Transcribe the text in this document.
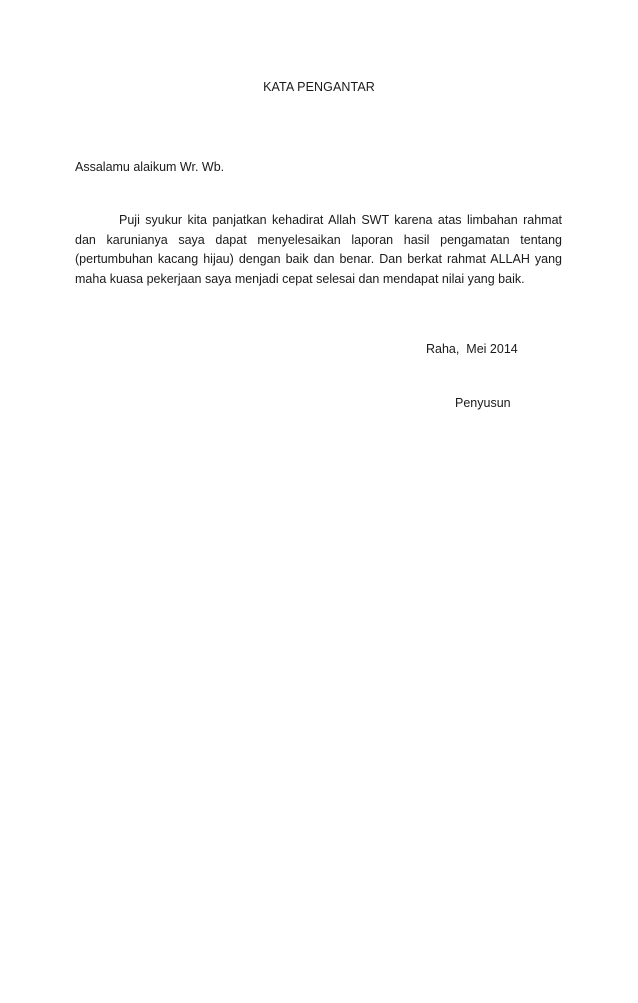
KATA PENGANTAR
Assalamu alaikum Wr. Wb.

Puji syukur kita panjatkan kehadirat Allah SWT karena atas limbahan rahmat dan karunianya saya dapat menyelesaikan laporan hasil pengamatan tentang (pertumbuhan kacang hijau) dengan baik dan benar. Dan berkat rahmat ALLAH yang maha kuasa pekerjaan saya menjadi cepat selesai dan mendapat nilai yang baik.

Raha,  Mei 2014
Penyusun
